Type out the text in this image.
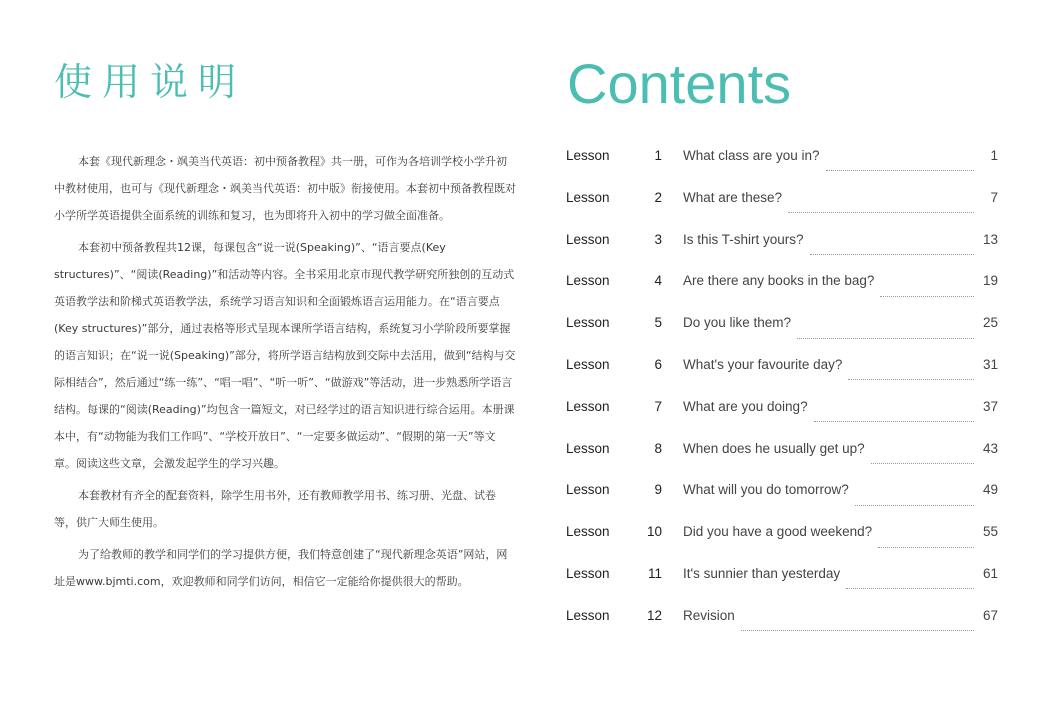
使用说明

本套《现代新理念・飒美当代英语：初中预备教程》共一册，可作为各培训学校小学升初中教材使用，也可与《现代新理念・飒美当代英语：初中版》衔接使用。本套初中预备教程既对小学所学英语提供全面系统的训练和复习，也为即将升入初中的学习做全面准备。

本套初中预备教程共12课，每课包含“说一说(Speaking)”、“语言要点(Key structures)”、“阅读(Reading)”和活动等内容。全书采用北京市现代教学研究所独创的互动式英语教学法和阶梯式英语教学法，系统学习语言知识和全面锻炼语言运用能力。在“语言要点(Key structures)”部分，通过表格等形式呈现本课所学语言结构，系统复习小学阶段所要掌握的语言知识；在“说一说(Speaking)”部分，将所学语言结构放到交际中去活用，做到“结构与交际相结合”，然后通过“练一练”、“唱一唱”、“听一听”、“做游戏”等活动，进一步熟悉所学语言结构。每课的“阅读(Reading)”均包含一篇短文，对已经学过的语言知识进行综合运用。本册课本中，有“动物能为我们工作吗”、“学校开放日”、“一定要多做运动”、“假期的第一天”等文章。阅读这些文章，会激发起学生的学习兴趣。

本套教材有齐全的配套资料，除学生用书外，还有教师教学用书、练习册、光盘、试卷等，供广大师生使用。

为了给教师的教学和同学们的学习提供方便，我们特意创建了“现代新理念英语”网站，网址是www.bjmti.com，欢迎教师和同学们访问，相信它一定能给你提供很大的帮助。

Contents
Lesson	1	What class are you in?	1
Lesson	2	What are these?	7
Lesson	3	Is this T-shirt yours?	13
Lesson	4	Are there any books in the bag?	19
Lesson	5	Do you like them?	25
Lesson	6	What's your favourite day?	31
Lesson	7	What are you doing?	37
Lesson	8	When does he usually get up?	43
Lesson	9	What will you do tomorrow?	49
Lesson	10	Did you have a good weekend?	55
Lesson	11	It's sunnier than yesterday	61
Lesson	12	Revision	67
